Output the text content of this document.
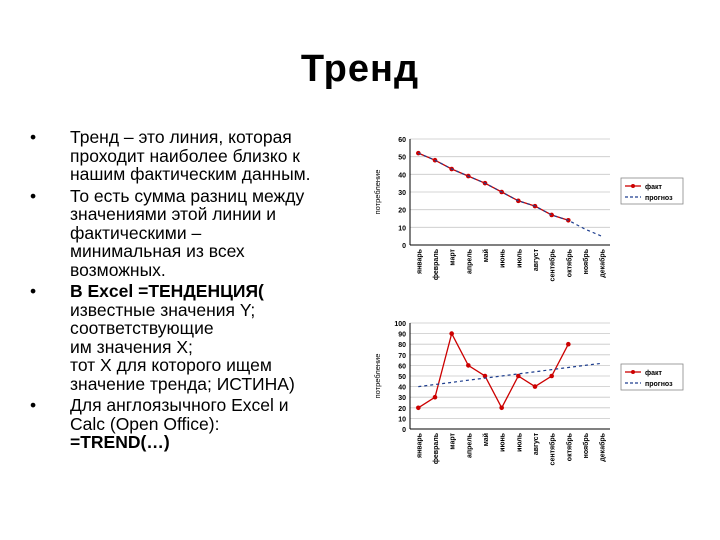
Тренд
• Тренд – это линия, которая
проходит наиболее близко к
нашим фактическим данным.
• То есть сумма разниц между
значениями этой линии и
фактическими –
минимальная из всех
возможных.
• В Excel =ТЕНДЕНЦИЯ(
известные значения Y;
соответствующие
им значения X;
тот X для которого ищем
значение тренда; ИСТИНА)
• Для англоязычного Excel и
Calc (Open Office):
=TREND(…)
0
10
20
30
40
50
60
потребление
январь февраль март апрель май июнь июль август сентябрь октябрь ноябрь декабрь
факт
прогноз
0
10
20
30
40
50
60
70
80
90
100
потребление
январь февраль март апрель май июнь июль август сентябрь октябрь ноябрь декабрь
факт
прогноз
